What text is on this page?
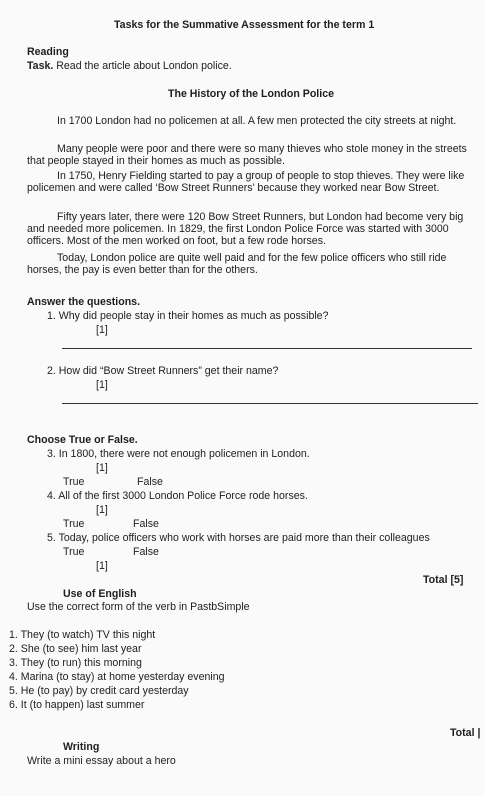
Tasks for the Summative Assessment for the term 1
Reading
Task. Read the article about London police.
The History of the London Police

In 1700 London had no policemen at all. A few men protected the city streets at night.

Many people were poor and there were so many thieves who stole money in the streets that people stayed in their homes as much as possible.

In 1750, Henry Fielding started to pay a group of people to stop thieves. They were like policemen and were called ‘Bow Street Runners’ because they worked near Bow Street.

Fifty years later, there were 120 Bow Street Runners, but London had become very big and needed more policemen. In 1829, the first London Police Force was started with 3000 officers. Most of the men worked on foot, but a few rode horses.

Today, London police are quite well paid and for the few police officers who still ride horses, the pay is even better than for the others.

Answer the questions.
1. Why did people stay in their homes as much as possible?
[1]
2. How did “Bow Street Runners” get their name?
[1]
Choose True or False.
3. In 1800, there were not enough policemen in London.
[1]
True	False
4. All of the first 3000 London Police Force rode horses.
[1]
True	False
5. Today, police officers who work with horses are paid more than their colleagues
True	False
[1]
Total [5]
Use of English
Use the correct form of the verb in PastbSimple
1. They (to watch) TV this night
2. She (to see) him last year
3. They (to run) this morning
4. Marina (to stay) at home yesterday evening
5. He (to pay) by credit card yesterday
6. It (to happen) last summer
Total |
Writing
Write a mini essay about a hero
